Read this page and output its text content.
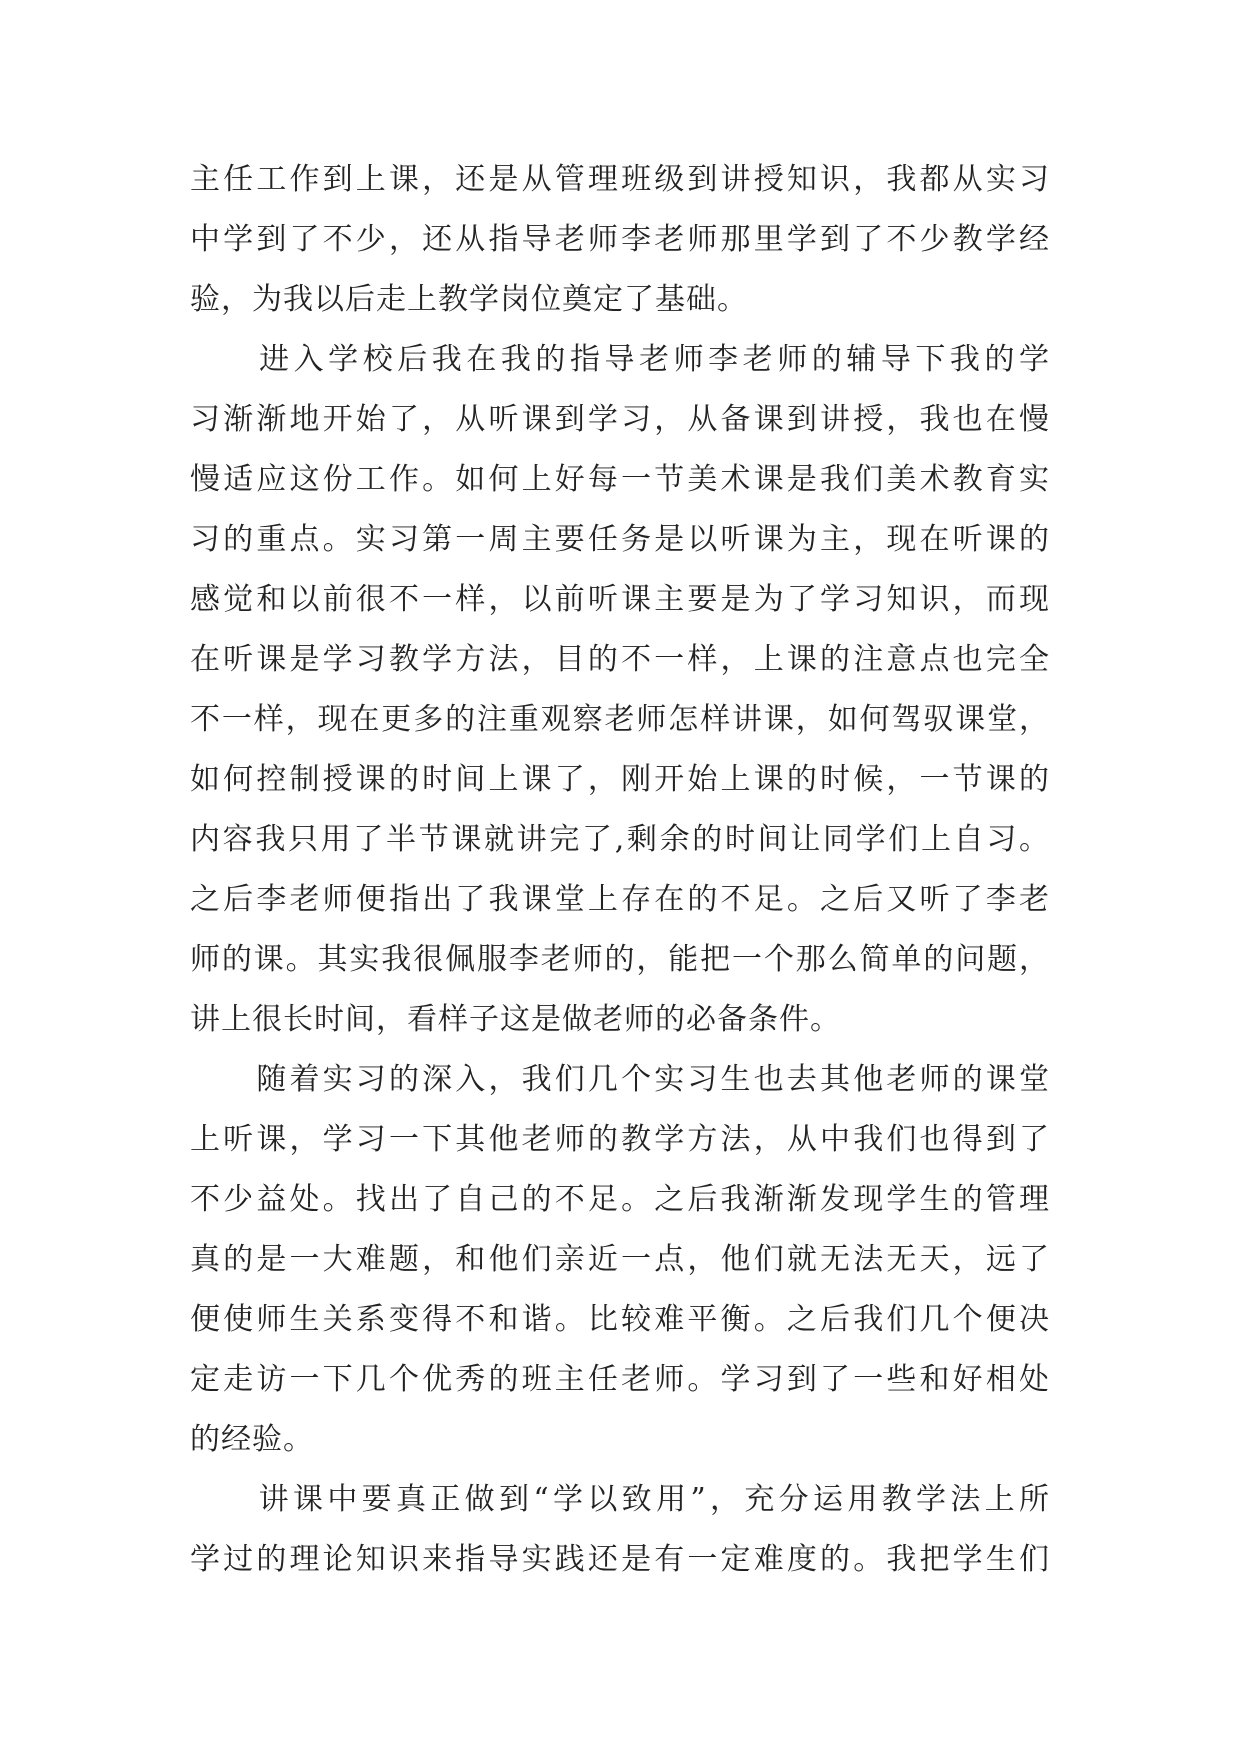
主任工作到上课，还是从管理班级到讲授知识，我都从实习
中学到了不少，还从指导老师李老师那里学到了不少教学经
验，为我以后走上教学岗位奠定了基础。
　　进入学校后我在我的指导老师李老师的辅导下我的学
习渐渐地开始了，从听课到学习，从备课到讲授，我也在慢
慢适应这份工作。如何上好每一节美术课是我们美术教育实
习的重点。实习第一周主要任务是以听课为主，现在听课的
感觉和以前很不一样，以前听课主要是为了学习知识，而现
在听课是学习教学方法，目的不一样，上课的注意点也完全
不一样，现在更多的注重观察老师怎样讲课，如何驾驭课堂，
如何控制授课的时间上课了，刚开始上课的时候，一节课的
内容我只用了半节课就讲完了,剩余的时间让同学们上自习。
之后李老师便指出了我课堂上存在的不足。之后又听了李老
师的课。其实我很佩服李老师的，能把一个那么简单的问题，
讲上很长时间，看样子这是做老师的必备条件。
　　随着实习的深入，我们几个实习生也去其他老师的课堂
上听课，学习一下其他老师的教学方法，从中我们也得到了
不少益处。找出了自己的不足。之后我渐渐发现学生的管理
真的是一大难题，和他们亲近一点，他们就无法无天，远了
便使师生关系变得不和谐。比较难平衡。之后我们几个便决
定走访一下几个优秀的班主任老师。学习到了一些和好相处
的经验。
　　讲课中要真正做到“学以致用”，充分运用教学法上所
学过的理论知识来指导实践还是有一定难度的。我把学生们
